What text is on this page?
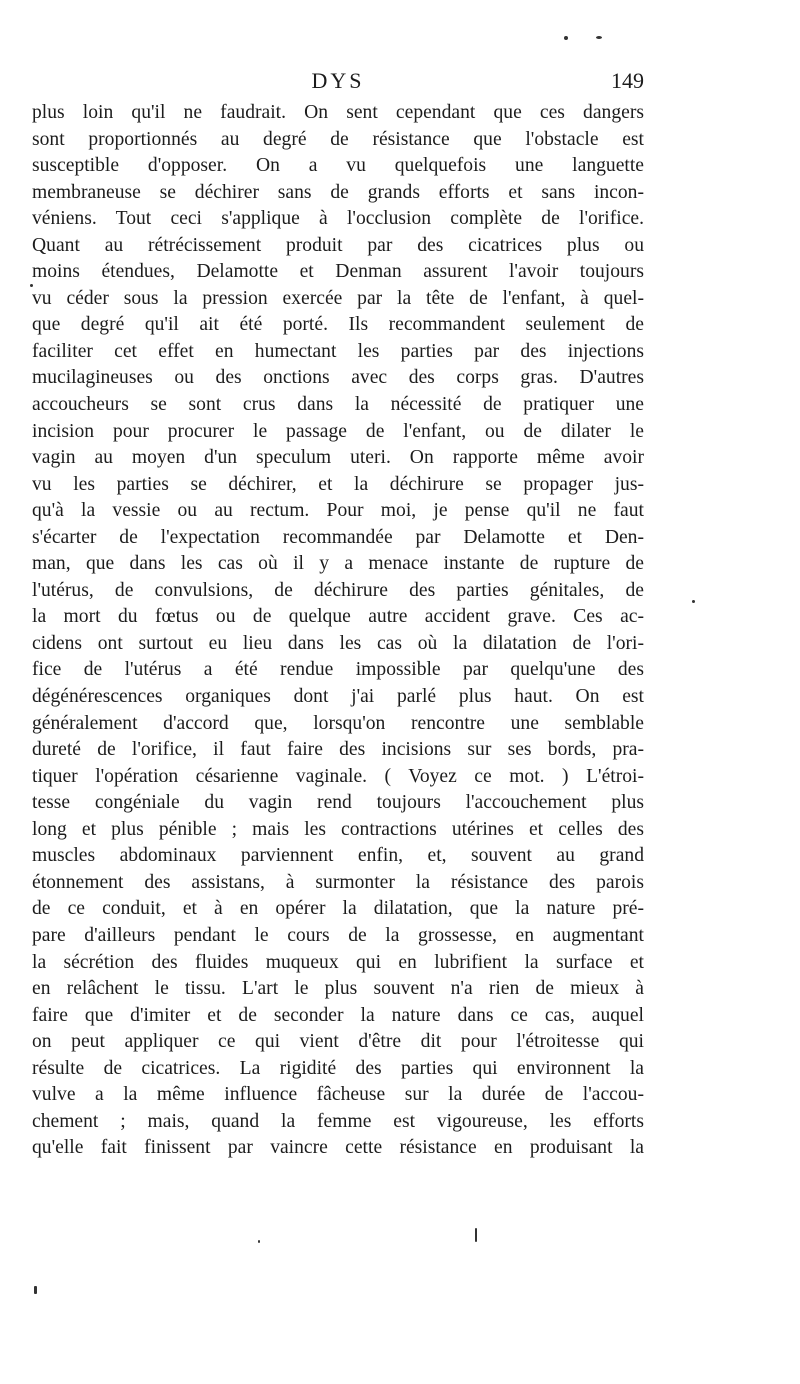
DYS	149
plus loin qu'il ne faudrait. On sent cependant que ces dangers
sont proportionnés au degré de résistance que l'obstacle est
susceptible d'opposer. On a vu quelquefois une languette
membraneuse se déchirer sans de grands efforts et sans incon-
véniens. Tout ceci s'applique à l'occlusion complète de l'orifice.
Quant au rétrécissement produit par des cicatrices plus ou
moins étendues, Delamotte et Denman assurent l'avoir toujours
vu céder sous la pression exercée par la tête de l'enfant, à quel-
que degré qu'il ait été porté. Ils recommandent seulement de
faciliter cet effet en humectant les parties par des injections
mucilagineuses ou des onctions avec des corps gras. D'autres
accoucheurs se sont crus dans la nécessité de pratiquer une
incision pour procurer le passage de l'enfant, ou de dilater le
vagin au moyen d'un speculum uteri. On rapporte même avoir
vu les parties se déchirer, et la déchirure se propager jus-
qu'à la vessie ou au rectum. Pour moi, je pense qu'il ne faut
s'écarter de l'expectation recommandée par Delamotte et Den-
man, que dans les cas où il y a menace instante de rupture de
l'utérus, de convulsions, de déchirure des parties génitales, de
la mort du fœtus ou de quelque autre accident grave. Ces ac-
cidens ont surtout eu lieu dans les cas où la dilatation de l'ori-
fice de l'utérus a été rendue impossible par quelqu'une des
dégénérescences organiques dont j'ai parlé plus haut. On est
généralement d'accord que, lorsqu'on rencontre une semblable
dureté de l'orifice, il faut faire des incisions sur ses bords, pra-
tiquer l'opération césarienne vaginale. ( Voyez ce mot. ) L'étroi-
tesse congéniale du vagin rend toujours l'accouchement plus
long et plus pénible ; mais les contractions utérines et celles des
muscles abdominaux parviennent enfin, et, souvent au grand
étonnement des assistans, à surmonter la résistance des parois
de ce conduit, et à en opérer la dilatation, que la nature pré-
pare d'ailleurs pendant le cours de la grossesse, en augmentant
la sécrétion des fluides muqueux qui en lubrifient la surface et
en relâchent le tissu. L'art le plus souvent n'a rien de mieux à
faire que d'imiter et de seconder la nature dans ce cas, auquel
on peut appliquer ce qui vient d'être dit pour l'étroitesse qui
résulte de cicatrices. La rigidité des parties qui environnent la
vulve a la même influence fâcheuse sur la durée de l'accou-
chement ; mais, quand la femme est vigoureuse, les efforts
qu'elle fait finissent par vaincre cette résistance en produisant la
